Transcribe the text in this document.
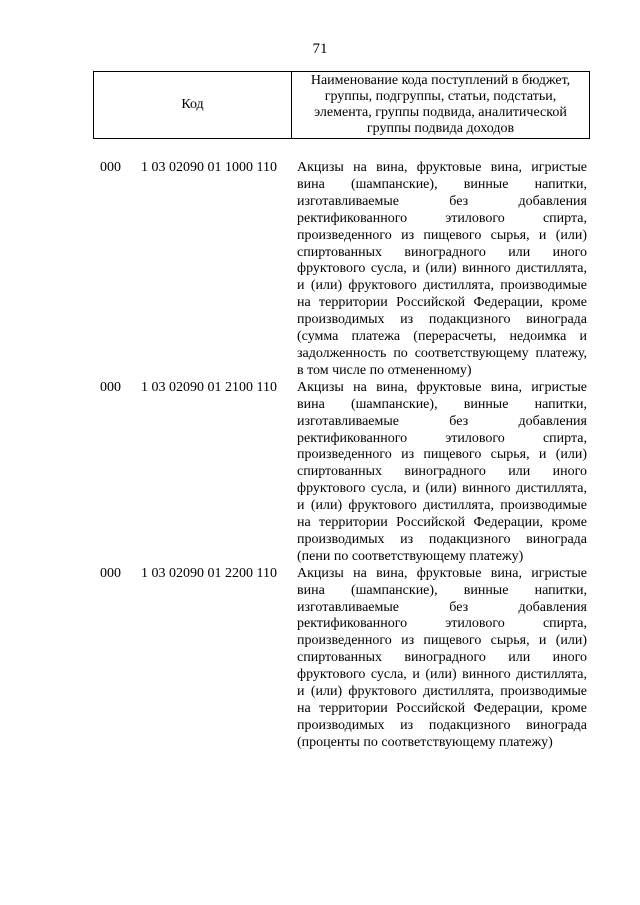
71
Код
Наименование кода поступлений в бюджет,
группы, подгруппы, статьи, подстатьи,
элемента, группы подвида, аналитической
группы подвида доходов
000 1 03 02090 01 1000 110 Акцизы на вина, фруктовые вина, игристые
вина (шампанские), винные напитки,
изготавливаемые без добавления
ректификованного этилового спирта,
произведенного из пищевого сырья, и (или)
спиртованных виноградного или иного
фруктового сусла, и (или) винного дистиллята,
и (или) фруктового дистиллята, производимые
на территории Российской Федерации, кроме
производимых из подакцизного винограда
(сумма платежа (перерасчеты, недоимка и
задолженность по соответствующему платежу,
в том числе по отмененному)
000 1 03 02090 01 2100 110 Акцизы на вина, фруктовые вина, игристые
вина (шампанские), винные напитки,
изготавливаемые без добавления
ректификованного этилового спирта,
произведенного из пищевого сырья, и (или)
спиртованных виноградного или иного
фруктового сусла, и (или) винного дистиллята,
и (или) фруктового дистиллята, производимые
на территории Российской Федерации, кроме
производимых из подакцизного винограда
(пени по соответствующему платежу)
000 1 03 02090 01 2200 110 Акцизы на вина, фруктовые вина, игристые
вина (шампанские), винные напитки,
изготавливаемые без добавления
ректификованного этилового спирта,
произведенного из пищевого сырья, и (или)
спиртованных виноградного или иного
фруктового сусла, и (или) винного дистиллята,
и (или) фруктового дистиллята, производимые
на территории Российской Федерации, кроме
производимых из подакцизного винограда
(проценты по соответствующему платежу)
